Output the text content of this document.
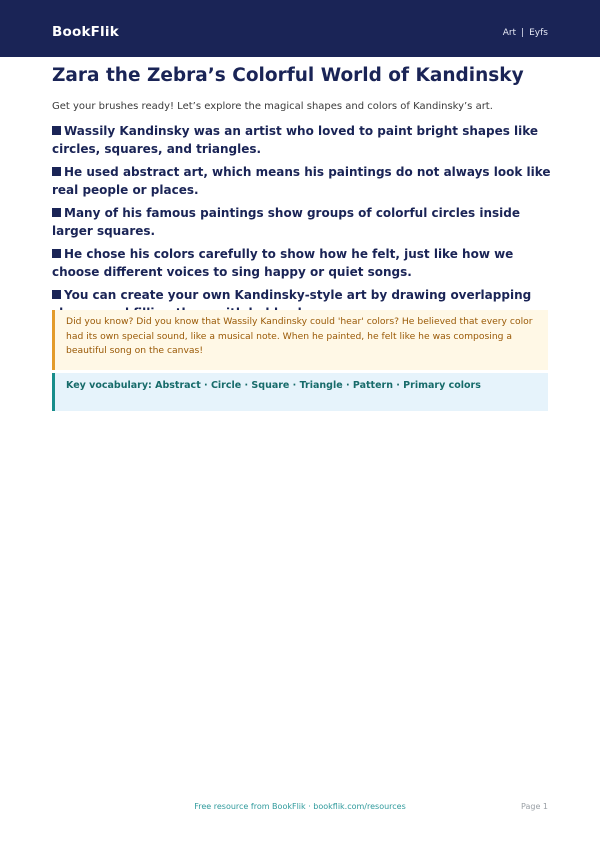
BookFlik	Art | Eyfs
Zara the Zebra’s Colorful World of Kandinsky

Get your brushes ready! Let’s explore the magical shapes and colors of Kandinsky’s art.

Wassily Kandinsky was an artist who loved to paint bright shapes like circles, squares, and triangles.
He used abstract art, which means his paintings do not always look like real people or places.
Many of his famous paintings show groups of colorful circles inside larger squares.
He chose his colors carefully to show how he felt, just like how we choose different voices to sing happy or quiet songs.
You can create your own Kandinsky-style art by drawing overlapping
Did you know? Did you know that Wassily Kandinsky could 'hear' colors? He believed that every color had its own special sound, like a musical note. When he painted, he felt like he was composing a beautiful song on the canvas!
Key vocabulary: Abstract · Circle · Square · Triangle · Pattern · Primary colors
Free resource from BookFlik · bookflik.com/resources	Page 1
